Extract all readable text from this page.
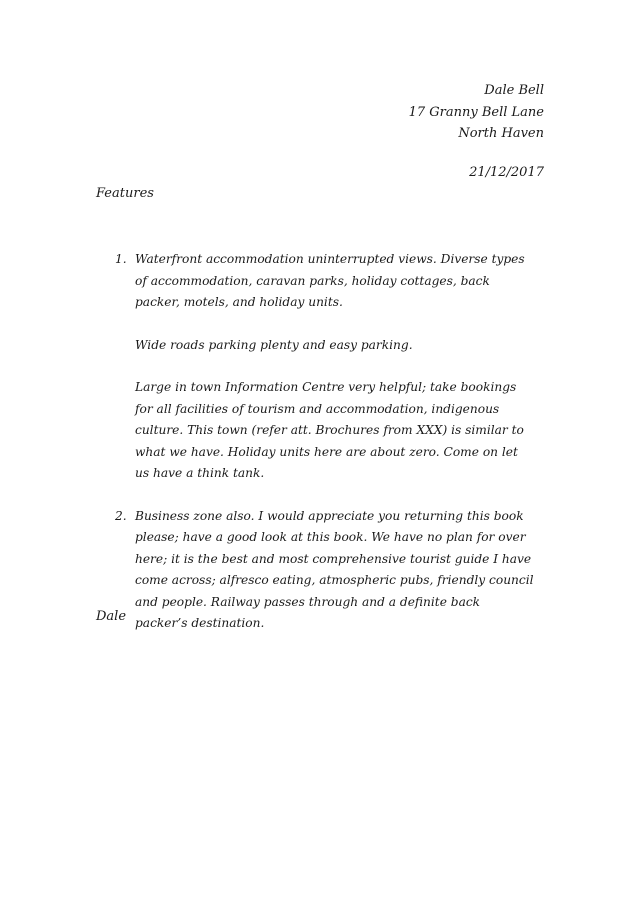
Dale Bell
17 Granny Bell Lane
North Haven
21/12/2017
Features
1. Waterfront accommodation uninterrupted views. Diverse types of accommodation, caravan parks, holiday cottages, back packer, motels, and holiday units.

Wide roads parking plenty and easy parking.

Large in town Information Centre very helpful; take bookings for all facilities of tourism and accommodation, indigenous culture. This town (refer att. Brochures from XXX) is similar to what we have. Holiday units here are about zero. Come on let us have a think tank.

2. Business zone also. I would appreciate you returning this book please; have a good look at this book. We have no plan for over here; it is the best and most comprehensive tourist guide I have come across; alfresco eating, atmospheric pubs, friendly council and people. Railway passes through and a definite back packer’s destination.

Dale
